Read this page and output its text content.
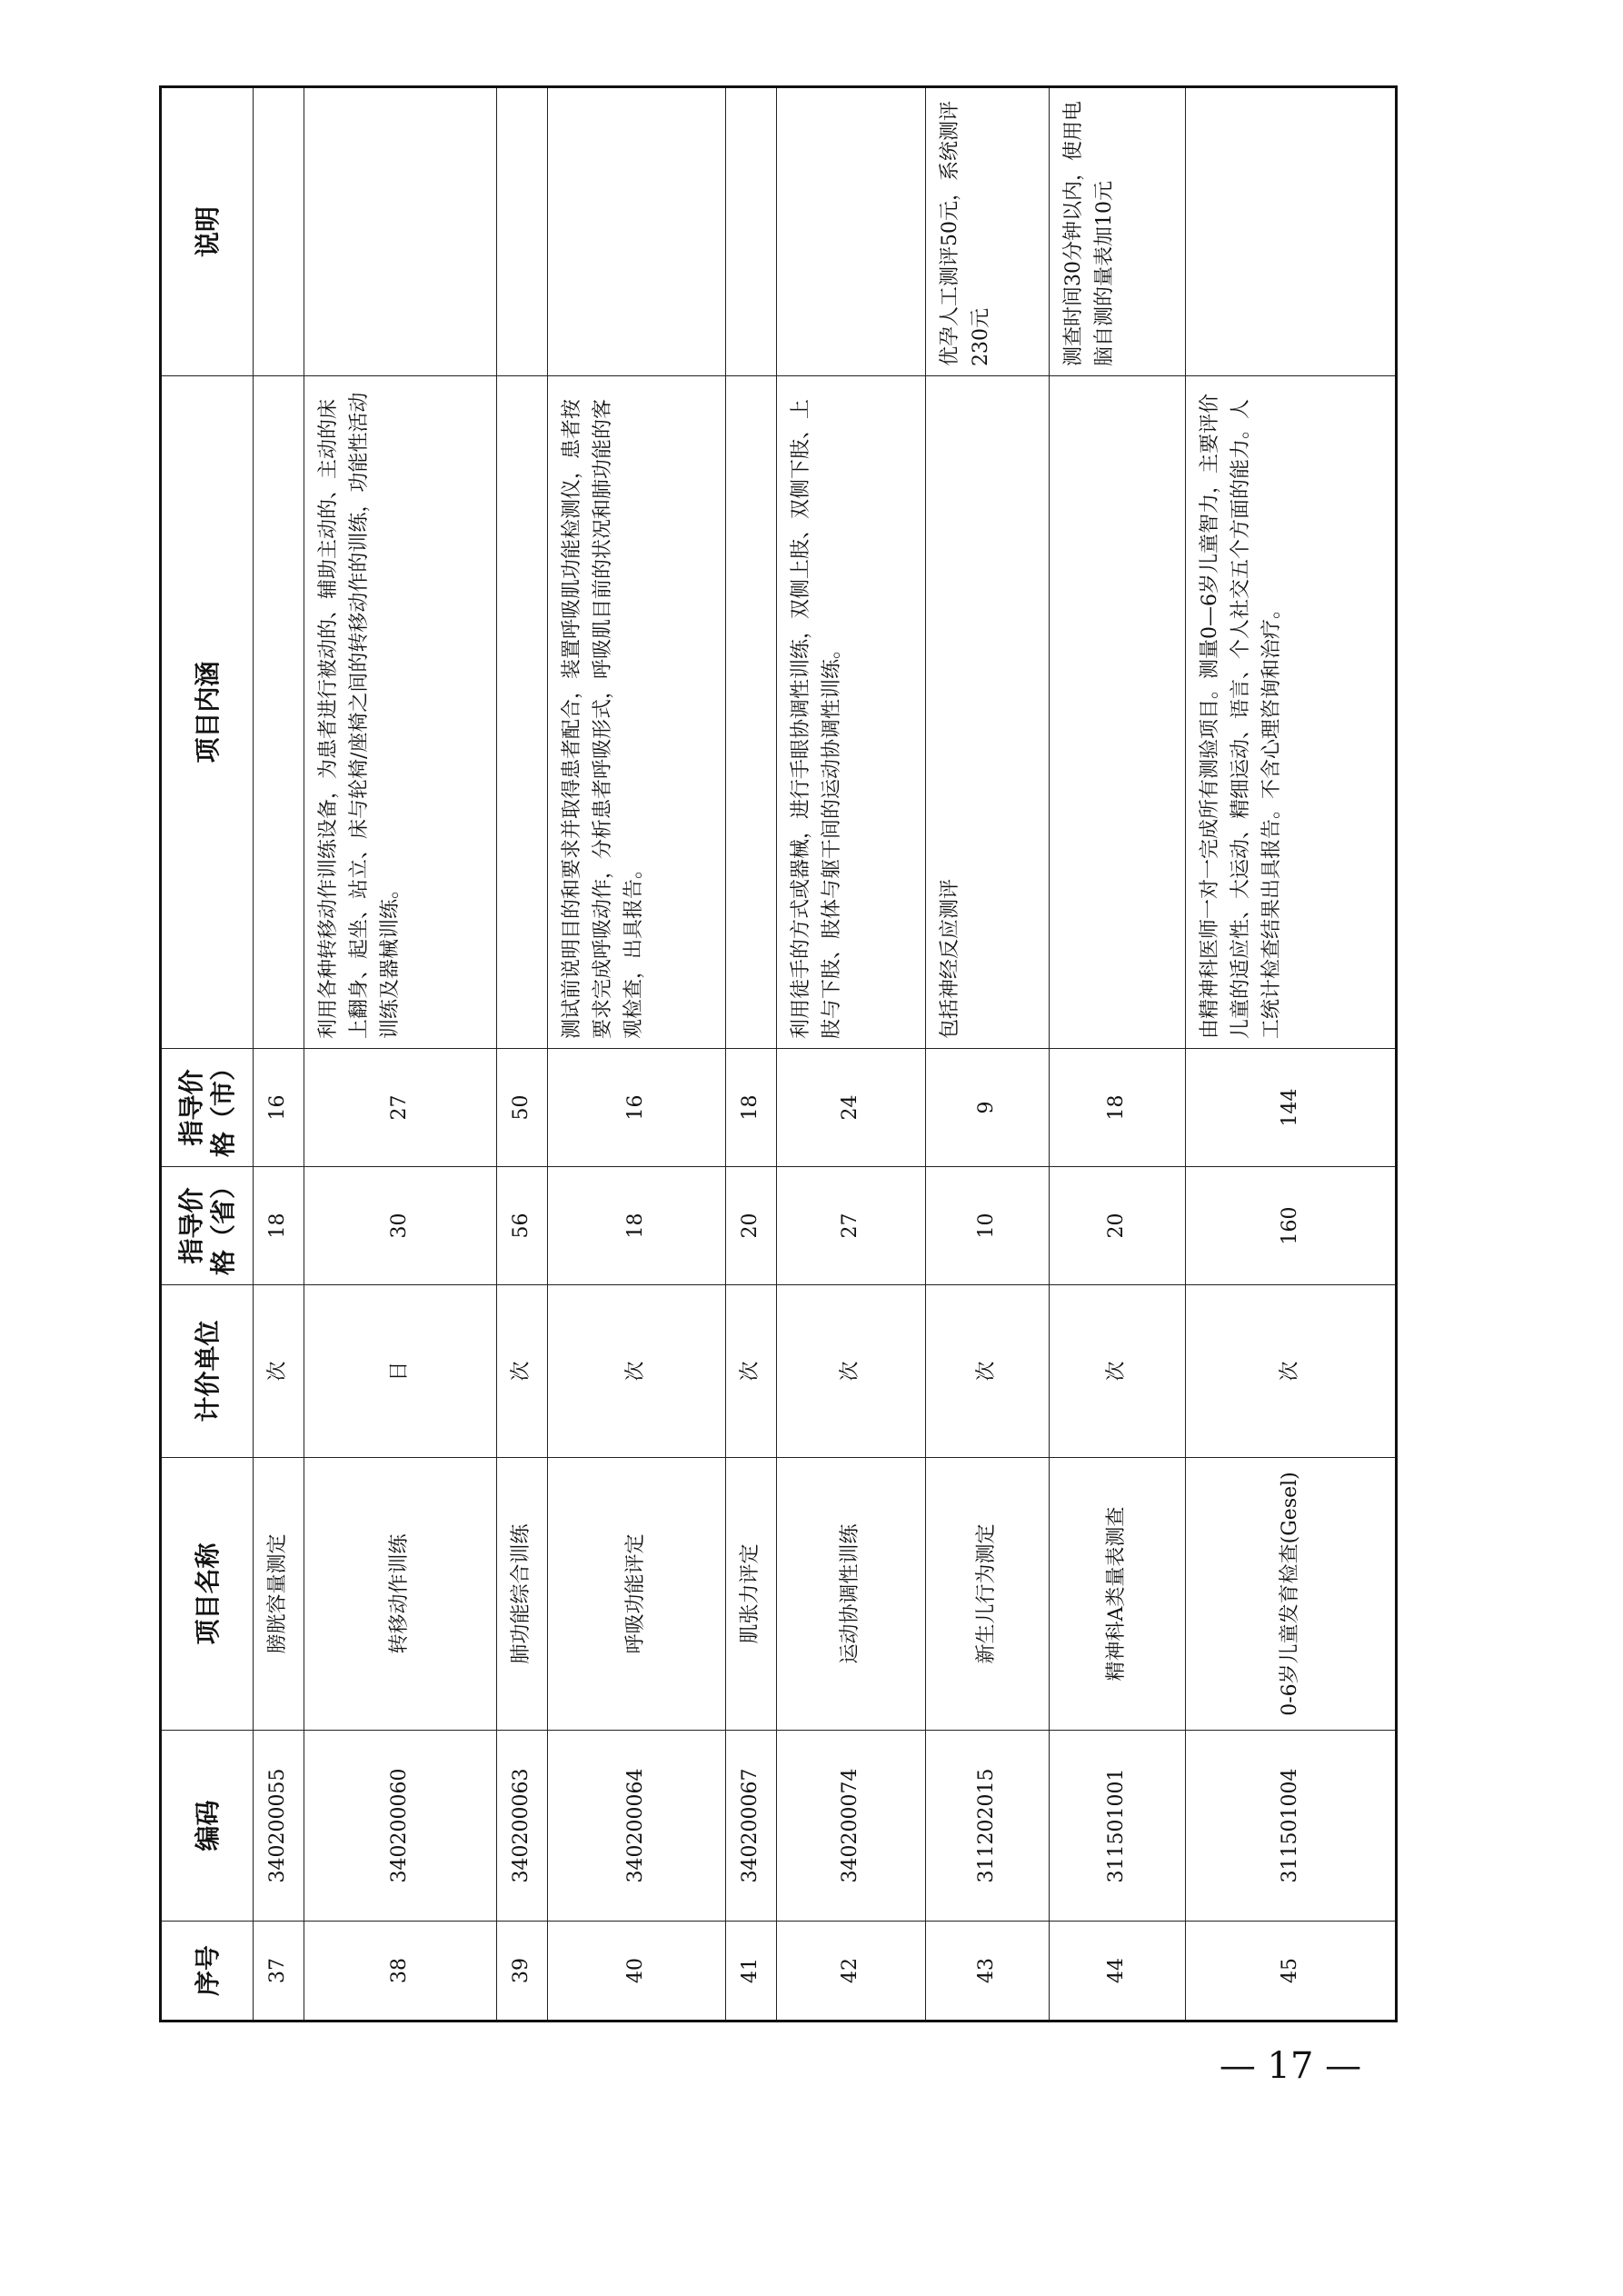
序号	编码	项目名称	计价单位	指导价格（省）	指导价格（市）	项目内涵	说明
37	340200055	膀胱容量测定	次	18	16		
38	340200060	转移动作训练	日	30	27	利用各种转移动作训练设备，为患者进行被动的、辅助主动的、主动的床上翻身、起坐、站立、床与轮椅/座椅之间的转移动作的训练，功能性活动训练及器械训练。	
39	340200063	肺功能综合训练	次	56	50		
40	340200064	呼吸功能评定	次	18	16	测试前说明目的和要求并取得患者配合，装置呼吸肌功能检测仪，患者按要求完成呼吸动作，分析患者呼吸形式，呼吸肌目前的状况和肺功能的客观检查，出具报告。	
41	340200067	肌张力评定	次	20	18		
42	340200074	运动协调性训练	次	27	24	利用徒手的方式或器械，进行手眼协调性训练，双侧上肢、双侧下肢、上肢与下肢、肢体与躯干间的运动协调性训练。	
43	311202015	新生儿行为测定	次	10	9	包括神经反应测评	优孕人工测评50元，系统测评230元
44	311501001	精神科A类量表测查	次	20	18		测查时间30分钟以内，使用电脑自测的量表加10元
45	311501004	0-6岁儿童发育检查(Gesel)	次	160	144	由精神科医师一对一完成所有测验项目。测量0—6岁儿童智力，主要评价儿童的适应性、大运动、精细运动、语言、个人社交五个方面的能力。人工统计检查结果出具报告。不含心理咨询和治疗。	
— 17 —
